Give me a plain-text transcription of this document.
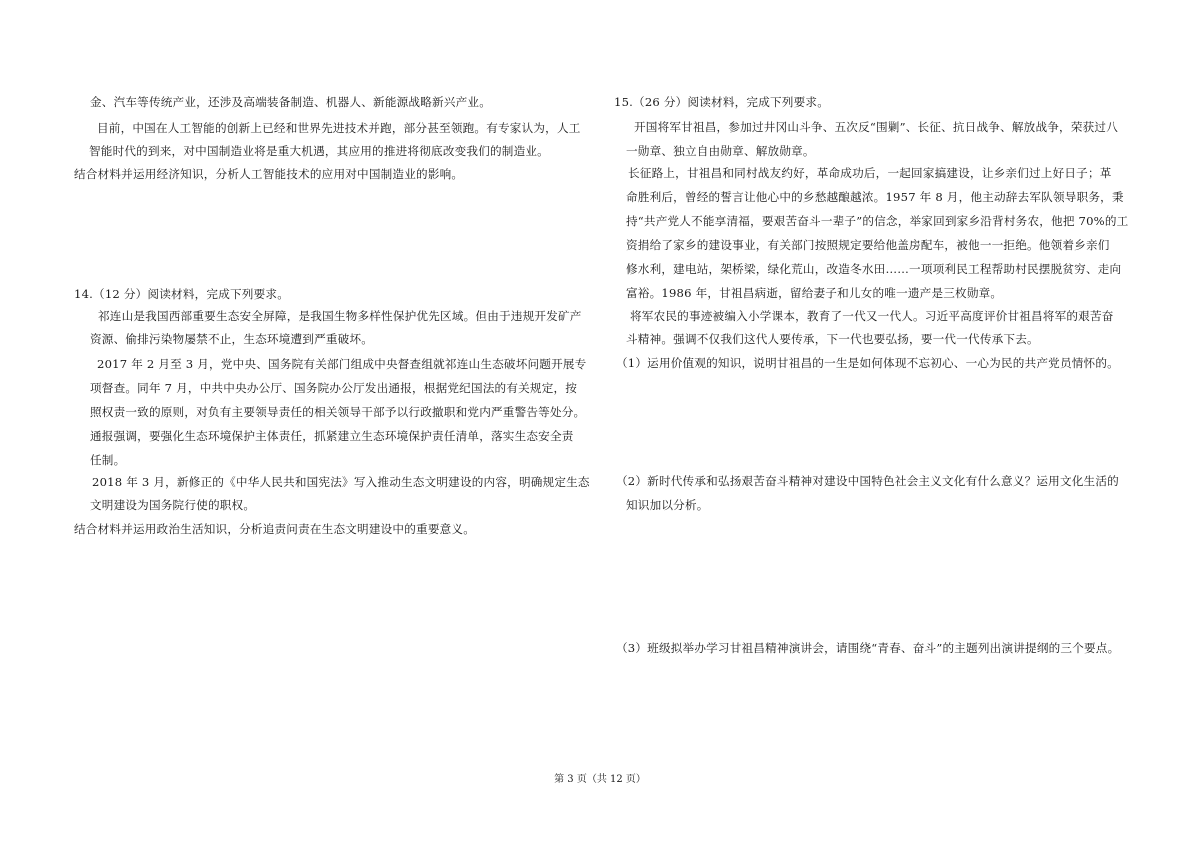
金、汽车等传统产业，还涉及高端装备制造、机器人、新能源战略新兴产业。
目前，中国在人工智能的创新上已经和世界先进技术并跑，部分甚至领跑。有专家认为，人工
智能时代的到来，对中国制造业将是重大机遇，其应用的推进将彻底改变我们的制造业。
结合材料并运用经济知识，分析人工智能技术的应用对中国制造业的影响。
14.（12 分）阅读材料，完成下列要求。
祁连山是我国西部重要生态安全屏障，是我国生物多样性保护优先区域。但由于违规开发矿产
资源、偷排污染物屡禁不止，生态环境遭到严重破坏。
2017 年 2 月至 3 月，党中央、国务院有关部门组成中央督查组就祁连山生态破坏问题开展专
项督查。同年 7 月，中共中央办公厅、国务院办公厅发出通报，根据党纪国法的有关规定，按
照权责一致的原则，对负有主要领导责任的相关领导干部予以行政撤职和党内严重警告等处分。
通报强调，要强化生态环境保护主体责任，抓紧建立生态环境保护责任清单，落实生态安全责
任制。
2018 年 3 月，新修正的《中华人民共和国宪法》写入推动生态文明建设的内容，明确规定生态
文明建设为国务院行使的职权。
结合材料并运用政治生活知识，分析追责问责在生态文明建设中的重要意义。
15.（26 分）阅读材料，完成下列要求。
开国将军甘祖昌，参加过井冈山斗争、五次反“围剿”、长征、抗日战争、解放战争，荣获过八
一勋章、独立自由勋章、解放勋章。
长征路上，甘祖昌和同村战友约好，革命成功后，一起回家搞建设，让乡亲们过上好日子；革
命胜利后，曾经的誓言让他心中的乡愁越酿越浓。1957 年 8 月，他主动辞去军队领导职务，秉
持“共产党人不能享清福，要艰苦奋斗一辈子”的信念，举家回到家乡沿背村务农，他把 70%的工
资捐给了家乡的建设事业，有关部门按照规定要给他盖房配车，被他一一拒绝。他领着乡亲们
修水利，建电站，架桥梁，绿化荒山，改造冬水田……一项项利民工程帮助村民摆脱贫穷、走向
富裕。1986 年，甘祖昌病逝，留给妻子和儿女的唯一遗产是三枚勋章。
将军农民的事迹被编入小学课本，教育了一代又一代人。习近平高度评价甘祖昌将军的艰苦奋
斗精神。强调不仅我们这代人要传承，下一代也要弘扬，要一代一代传承下去。
（1）运用价值观的知识，说明甘祖昌的一生是如何体现不忘初心、一心为民的共产党员情怀的。
（2）新时代传承和弘扬艰苦奋斗精神对建设中国特色社会主义文化有什么意义？运用文化生活的
知识加以分析。
（3）班级拟举办学习甘祖昌精神演讲会，请围绕“青春、奋斗”的主题列出演讲提纲的三个要点。
第 3 页（共 12 页）
